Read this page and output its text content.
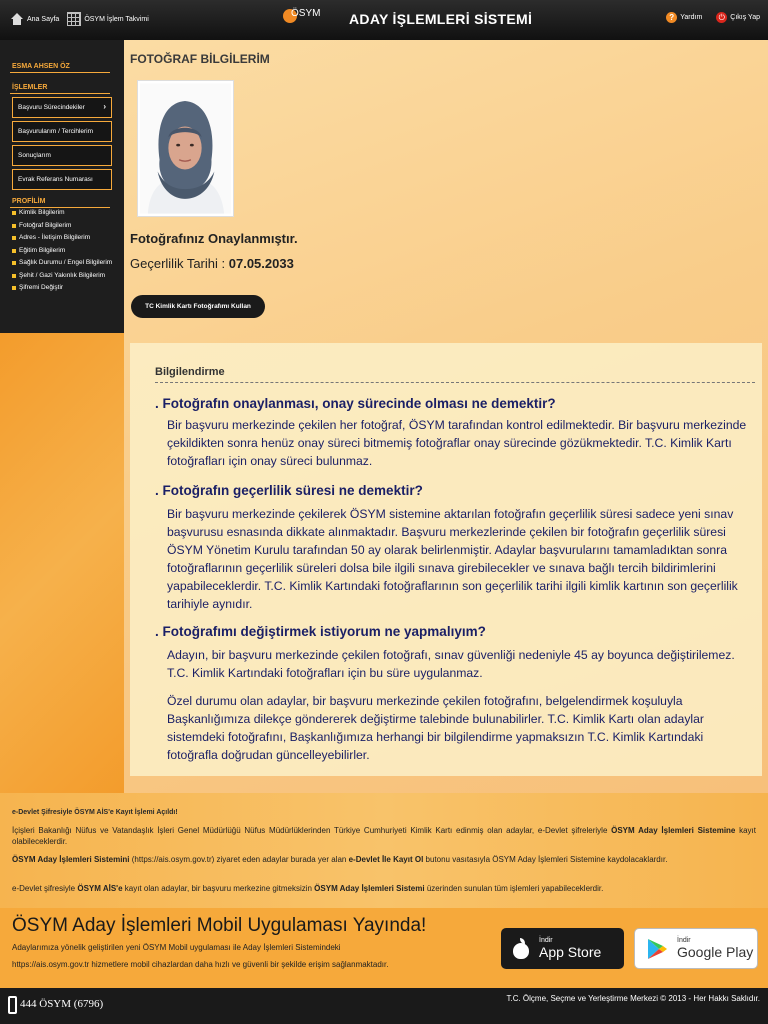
Ana Sayfa	ÖSYM İşlem Takvimi	ÖSYM ADAY İŞLEMLERİ SİSTEMİ	? Yardım ⏻ Çıkış Yap
ESMA AHSEN ÖZ
İŞLEMLER
Başvuru Sürecindekiler ›
Başvurularım / Tercihlerim
Sonuçlarım
Evrak Referans Numarası
PROFİLİM
Kimlik Bilgilerim
Fotoğraf Bilgilerim
Adres - İletişim Bilgilerim
Eğitim Bilgilerim
Sağlık Durumu / Engel Bilgilerim
Şehit / Gazi Yakınlık Bilgilerim
Şifremi Değiştir
FOTOĞRAF BİLGİLERİM
Fotoğrafınız Onaylanmıştır.
Geçerlilik Tarihi : 07.05.2033
TC Kimlik Kartı Fotoğrafımı Kullan
Bilgilendirme
. Fotoğrafın onaylanması, onay sürecinde olması ne demektir?
Bir başvuru merkezinde çekilen her fotoğraf, ÖSYM tarafından kontrol edilmektedir. Bir başvuru merkezinde çekildikten sonra henüz onay süreci bitmemiş fotoğraflar onay sürecinde gözükmektedir. T.C. Kimlik Kartı fotoğrafları için onay süreci bulunmaz.
. Fotoğrafın geçerlilik süresi ne demektir?
Bir başvuru merkezinde çekilerek ÖSYM sistemine aktarılan fotoğrafın geçerlilik süresi sadece yeni sınav başvurusu esnasında dikkate alınmaktadır. Başvuru merkezlerinde çekilen bir fotoğrafın geçerlilik süresi ÖSYM Yönetim Kurulu tarafından 50 ay olarak belirlenmiştir. Adaylar başvurularını tamamladıktan sonra fotoğraflarının geçerlilik süreleri dolsa bile ilgili sınava girebilecekler ve sınava bağlı tercih bildirimlerini yapabileceklerdir. T.C. Kimlik Kartındaki fotoğraflarının son geçerlilik tarihi ilgili kimlik kartının son geçerlilik tarihiyle aynıdır.
. Fotoğrafımı değiştirmek istiyorum ne yapmalıyım?
Adayın, bir başvuru merkezinde çekilen fotoğrafı, sınav güvenliği nedeniyle 45 ay boyunca değiştirilemez. T.C. Kimlik Kartındaki fotoğrafları için bu süre uygulanmaz.
Özel durumu olan adaylar, bir başvuru merkezinde çekilen fotoğrafını, belgelendirmek koşuluyla Başkanlığımıza dilekçe göndererek değiştirme talebinde bulunabilirler. T.C. Kimlik Kartı olan adaylar sistemdeki fotoğrafını, Başkanlığımıza herhangi bir bilgilendirme yapmaksızın T.C. Kimlik Kartındaki fotoğrafla doğrudan güncelleyebilirler.
e-Devlet Şifresiyle ÖSYM AİS'e Kayıt İşlemi Açıldı!
İçişleri Bakanlığı Nüfus ve Vatandaşlık İşleri Genel Müdürlüğü Nüfus Müdürlüklerinden Türkiye Cumhuriyeti Kimlik Kartı edinmiş olan adaylar, e-Devlet şifreleriyle ÖSYM Aday İşlemleri Sistemine kayıt olabileceklerdir.
ÖSYM Aday İşlemleri Sistemini (https://ais.osym.gov.tr) ziyaret eden adaylar burada yer alan e-Devlet İle Kayıt Ol butonu vasıtasıyla ÖSYM Aday İşlemleri Sistemine kaydolacaklardır.
e-Devlet şifresiyle ÖSYM AİS'e kayıt olan adaylar, bir başvuru merkezine gitmeksizin ÖSYM Aday İşlemleri Sistemi üzerinden sunulan tüm işlemleri yapabileceklerdir.
ÖSYM Aday İşlemleri Mobil Uygulaması Yayında!
Adaylarımıza yönelik geliştirilen yeni ÖSYM Mobil uygulaması ile Aday İşlemleri Sistemindeki
https://ais.osym.gov.tr hizmetlere mobil cihazlardan daha hızlı ve güvenli bir şekilde erişim sağlanmaktadır.
İndir
App Store
İndir
Google Play
444 ÖSYM (6796)	T.C. Ölçme, Seçme ve Yerleştirme Merkezi © 2013 - Her Hakkı Saklıdır.
